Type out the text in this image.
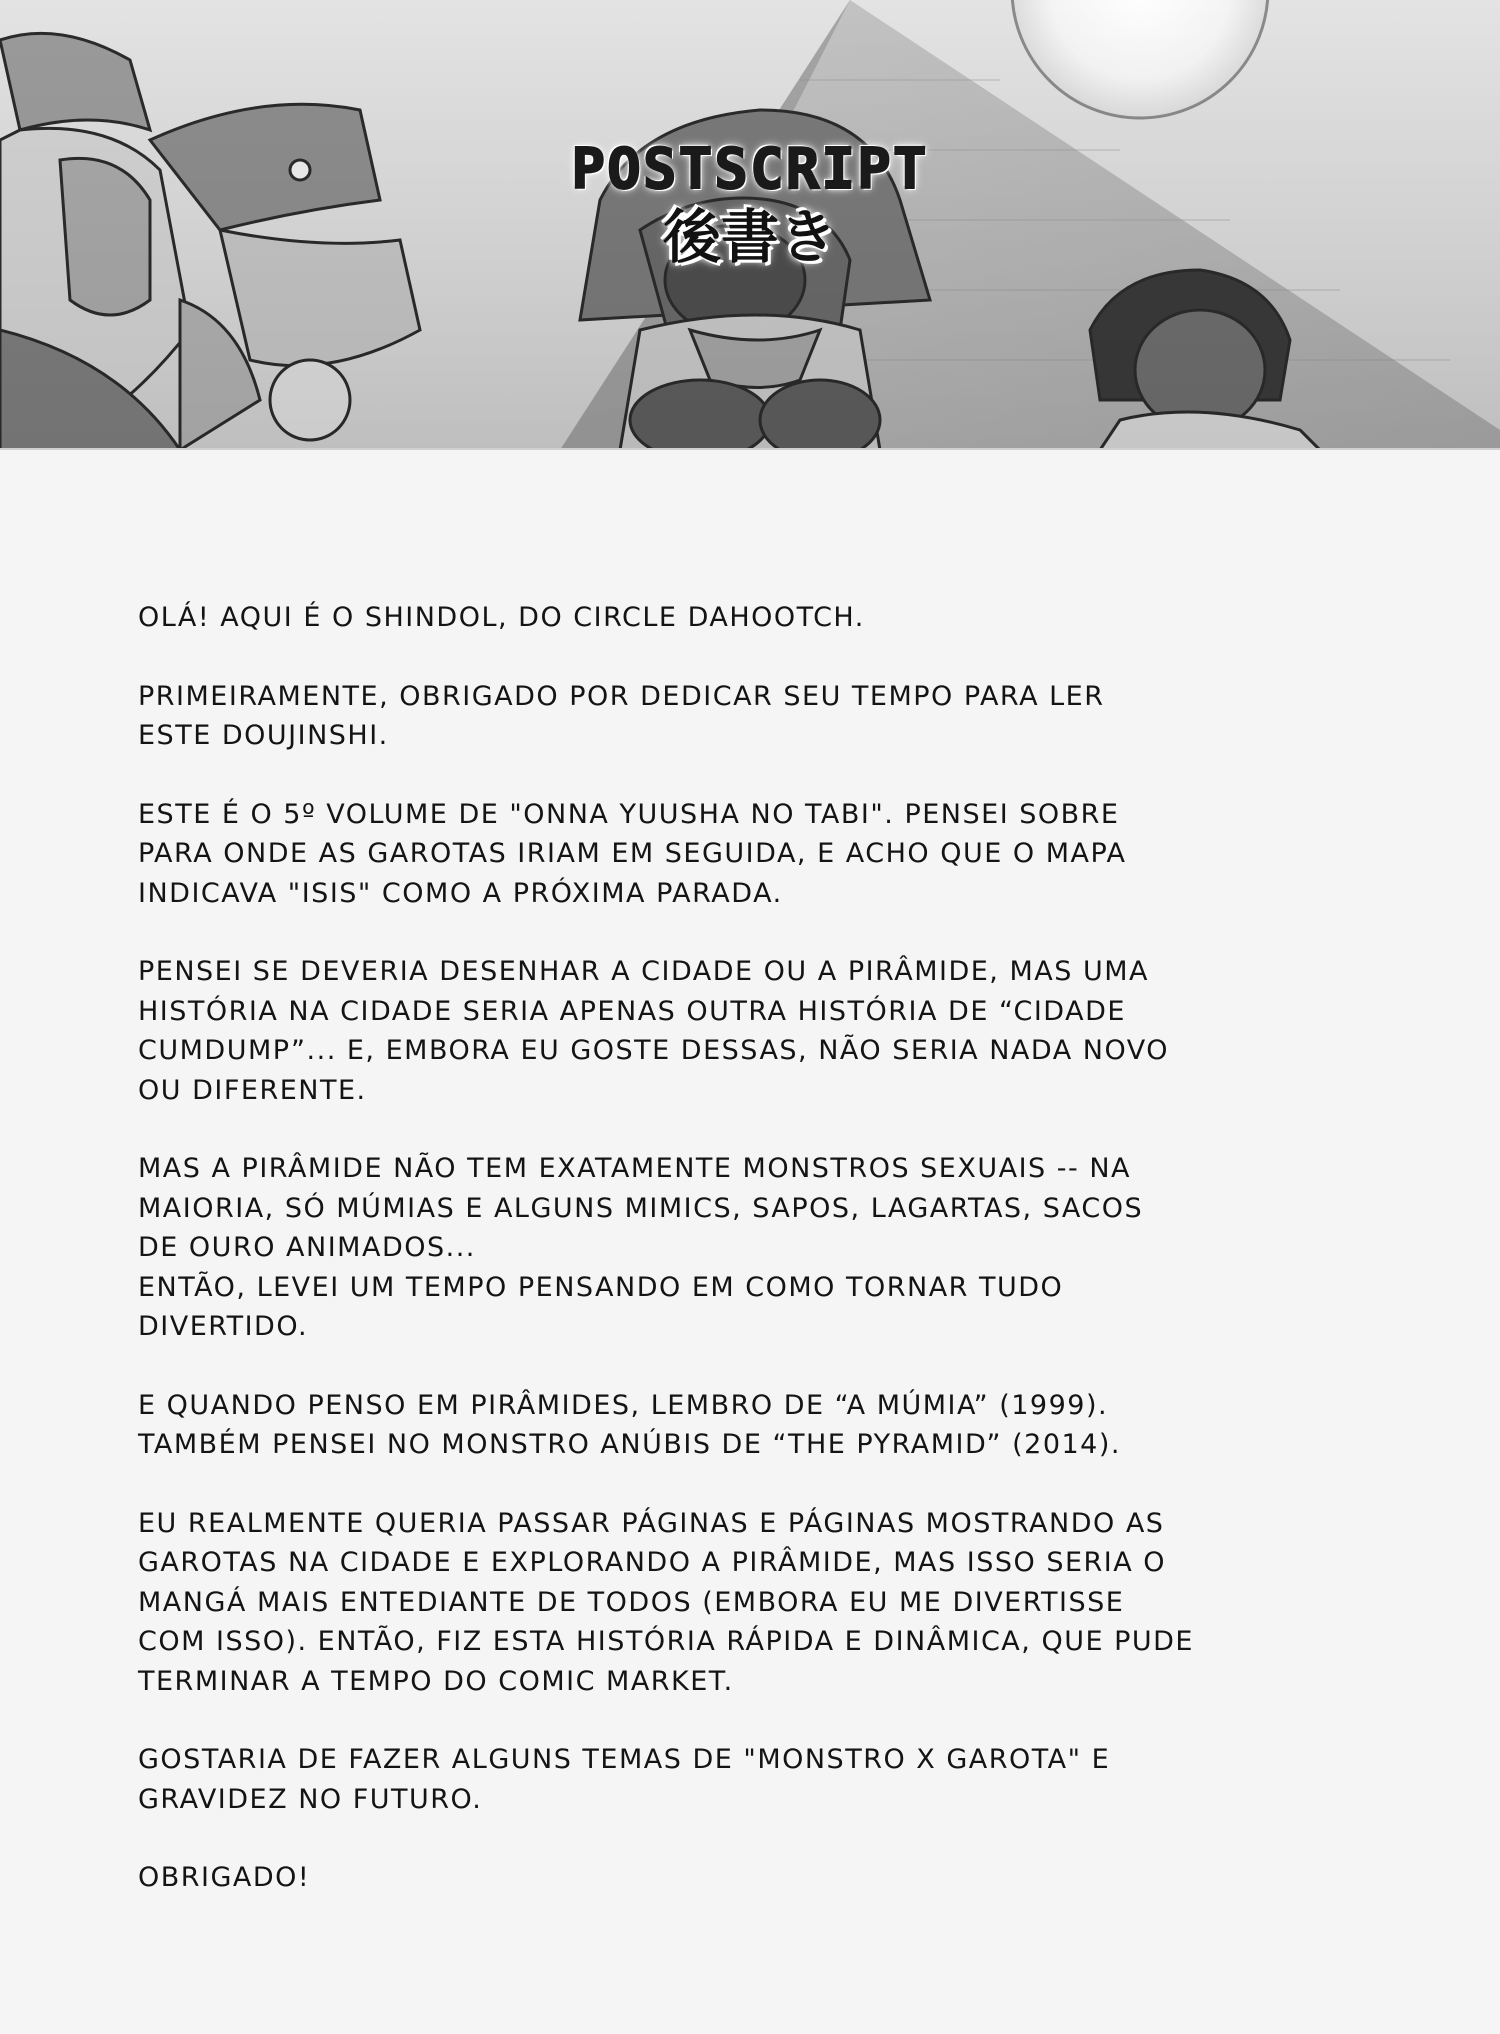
POSTSCRIPT
後書き
OLÁ! AQUI É O SHINDOL, DO CIRCLE DAHOOTCH.
PRIMEIRAMENTE, OBRIGADO POR DEDICAR SEU TEMPO PARA LER
ESTE DOUJINSHI.
ESTE É O 5º VOLUME DE "ONNA YUUSHA NO TABI". PENSEI SOBRE
PARA ONDE AS GAROTAS IRIAM EM SEGUIDA, E ACHO QUE O MAPA
INDICAVA "ISIS" COMO A PRÓXIMA PARADA.
PENSEI SE DEVERIA DESENHAR A CIDADE OU A PIRÂMIDE, MAS UMA
HISTÓRIA NA CIDADE SERIA APENAS OUTRA HISTÓRIA DE “CIDADE
CUMDUMP”... E, EMBORA EU GOSTE DESSAS, NÃO SERIA NADA NOVO
OU DIFERENTE.
MAS A PIRÂMIDE NÃO TEM EXATAMENTE MONSTROS SEXUAIS -- NA
MAIORIA, SÓ MÚMIAS E ALGUNS MIMICS, SAPOS, LAGARTAS, SACOS
DE OURO ANIMADOS...
ENTÃO, LEVEI UM TEMPO PENSANDO EM COMO TORNAR TUDO
DIVERTIDO.
E QUANDO PENSO EM PIRÂMIDES, LEMBRO DE “A MÚMIA” (1999).
TAMBÉM PENSEI NO MONSTRO ANÚBIS DE “THE PYRAMID” (2014).
EU REALMENTE QUERIA PASSAR PÁGINAS E PÁGINAS MOSTRANDO AS
GAROTAS NA CIDADE E EXPLORANDO A PIRÂMIDE, MAS ISSO SERIA O
MANGÁ MAIS ENTEDIANTE DE TODOS (EMBORA EU ME DIVERTISSE
COM ISSO). ENTÃO, FIZ ESTA HISTÓRIA RÁPIDA E DINÂMICA, QUE PUDE
TERMINAR A TEMPO DO COMIC MARKET.
GOSTARIA DE FAZER ALGUNS TEMAS DE "MONSTRO X GAROTA" E
GRAVIDEZ NO FUTURO.
OBRIGADO!
